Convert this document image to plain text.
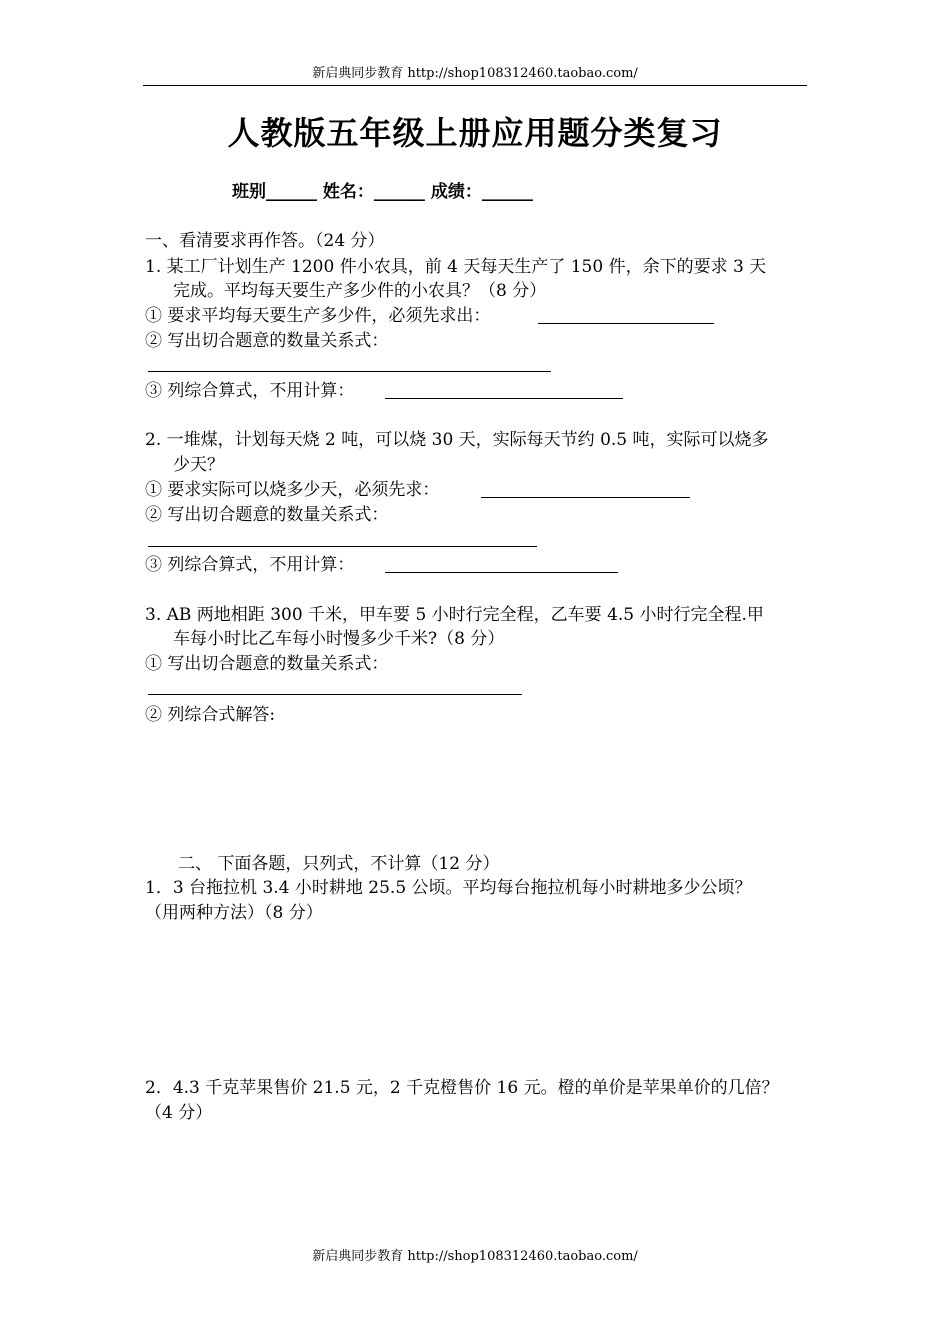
新启典同步教育 http://shop108312460.taobao.com/
人教版五年级上册应用题分类复习
班别______ 姓名：______ 成绩：______
一、看清要求再作答。（24 分）
1. 某工厂计划生产 1200 件小农具，前 4 天每天生产了 150 件，余下的要求 3 天
完成。平均每天要生产多少件的小农具？（8 分）
① 要求平均每天要生产多少件，必须先求出：
② 写出切合题意的数量关系式：
③ 列综合算式，不用计算：
2. 一堆煤，计划每天烧 2 吨，可以烧 30 天，实际每天节约 0.5 吨，实际可以烧多
少天？
① 要求实际可以烧多少天，必须先求：
② 写出切合题意的数量关系式：
③ 列综合算式，不用计算：
3. AB 两地相距 300 千米，甲车要 5 小时行完全程，乙车要 4.5 小时行完全程.甲
车每小时比乙车每小时慢多少千米?（8 分）
① 写出切合题意的数量关系式：
② 列综合式解答:
二、 下面各题，只列式，不计算（12 分）
1．3 台拖拉机 3.4 小时耕地 25.5 公顷。平均每台拖拉机每小时耕地多少公顷？
（用两种方法）（8 分）
2．4.3 千克苹果售价 21.5 元，2 千克橙售价 16 元。橙的单价是苹果单价的几倍？
（4 分）
新启典同步教育 http://shop108312460.taobao.com/
